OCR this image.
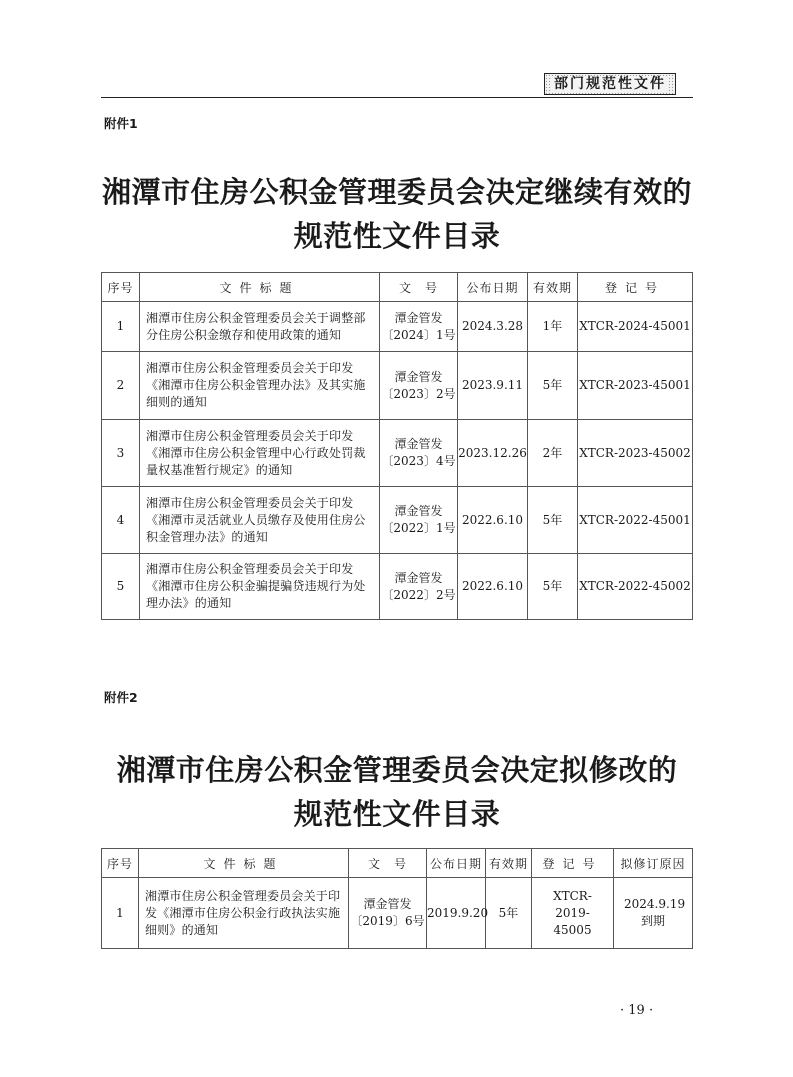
部门规范性文件
附件1
湘潭市住房公积金管理委员会决定继续有效的
规范性文件目录
序号	文件标题	文　号	公布日期	有效期	登记号
1	湘潭市住房公积金管理委员会关于调整部分住房公积金缴存和使用政策的通知	潭金管发〔2024〕1号	2024.3.28	1年	XTCR-2024-45001
2	湘潭市住房公积金管理委员会关于印发《湘潭市住房公积金管理办法》及其实施细则的通知	潭金管发〔2023〕2号	2023.9.11	5年	XTCR-2023-45001
3	湘潭市住房公积金管理委员会关于印发《湘潭市住房公积金管理中心行政处罚裁量权基准暂行规定》的通知	潭金管发〔2023〕4号	2023.12.26	2年	XTCR-2023-45002
4	湘潭市住房公积金管理委员会关于印发《湘潭市灵活就业人员缴存及使用住房公积金管理办法》的通知	潭金管发〔2022〕1号	2022.6.10	5年	XTCR-2022-45001
5	湘潭市住房公积金管理委员会关于印发《湘潭市住房公积金骗提骗贷违规行为处理办法》的通知	潭金管发〔2022〕2号	2022.6.10	5年	XTCR-2022-45002
附件2
湘潭市住房公积金管理委员会决定拟修改的
规范性文件目录
序号	文件标题	文　号	公布日期	有效期	登记号	拟修订原因
1	湘潭市住房公积金管理委员会关于印发《湘潭市住房公积金行政执法实施细则》的通知	潭金管发〔2019〕6号	2019.9.20	5年	XTCR-2019-45005	2024.9.19到期
· 19 ·
